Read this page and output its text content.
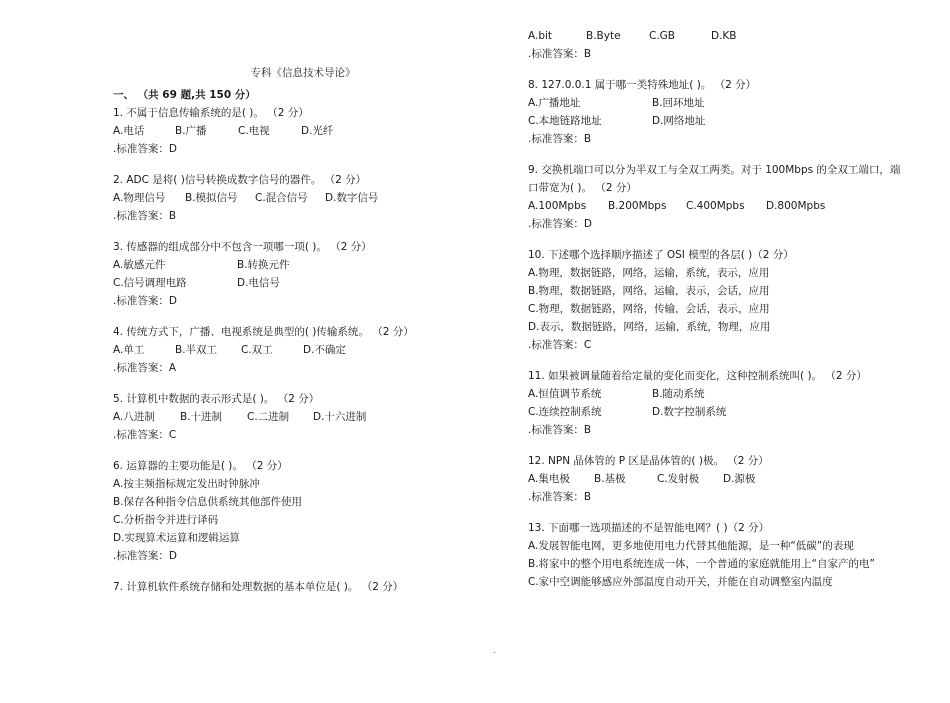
专科《信息技术导论》

一、 （共 69 题,共 150 分）

1. 不属于信息传输系统的是( )。 （2 分）

A.电话	B.广播	C.电视	D.光纤

.标准答案：D

2. ADC 是将( )信号转换成数字信号的器件。 （2 分）

A.物理信号	B.模拟信号	C.混合信号	D.数字信号

.标准答案：B

3. 传感器的组成部分中不包含一项哪一项( )。 （2 分）

A.敏感元件	B.转换元件
C.信号调理电路	D.电信号

.标准答案：D

4. 传统方式下，广播、电视系统是典型的( )传输系统。 （2 分）

A.单工	B.半双工	C.双工	D.不确定

.标准答案：A

5. 计算机中数据的表示形式是( )。 （2 分）

A.八进制	B.十进制	C.二进制	D.十六进制

.标准答案：C

6. 运算器的主要功能是( )。 （2 分）

A.按主频指标规定发出时钟脉冲
B.保存各种指令信息供系统其他部件使用
C.分析指令并进行译码
D.实现算术运算和逻辑运算

.标准答案：D

7. 计算机软件系统存储和处理数据的基本单位是( )。 （2 分）

A.bit	B.Byte	C.GB	D.KB

.标准答案：B

8. 127.0.0.1 属于哪一类特殊地址( )。 （2 分）

A.广播地址	B.回环地址
C.本地链路地址	D.网络地址

.标准答案：B

9. 交换机端口可以分为半双工与全双工两类。对于 100Mbps 的全双工端口，端

口带宽为( )。 （2 分）

A.100Mpbs	B.200Mbps	C.400Mpbs	D.800Mpbs

.标准答案：D

10. 下述哪个选择顺序描述了 OSI 模型的各层( )（2 分）

A.物理，数据链路，网络，运输，系统，表示，应用
B.物理，数据链路，网络，运输，表示，会话，应用
C.物理，数据链路，网络，传输，会话，表示，应用
D.表示，数据链路，网络，运输，系统，物理，应用

.标准答案：C

11. 如果被调量随着给定量的变化而变化，这种控制系统叫( )。 （2 分）

A.恒值调节系统	B.随动系统
C.连续控制系统	D.数字控制系统

.标准答案：B

12. NPN 晶体管的 P 区是晶体管的( )极。 （2 分）

A.集电极	B.基极	C.发射极	D.源极

.标准答案：B

13. 下面哪一选项描述的不是智能电网？( )（2 分）

A.发展智能电网，更多地使用电力代替其他能源，是一种“低碳”的表现
B.将家中的整个用电系统连成一体，一个普通的家庭就能用上“自家产的电”
C.家中空调能够感应外部温度自动开关，并能在自动调整室内温度
.
